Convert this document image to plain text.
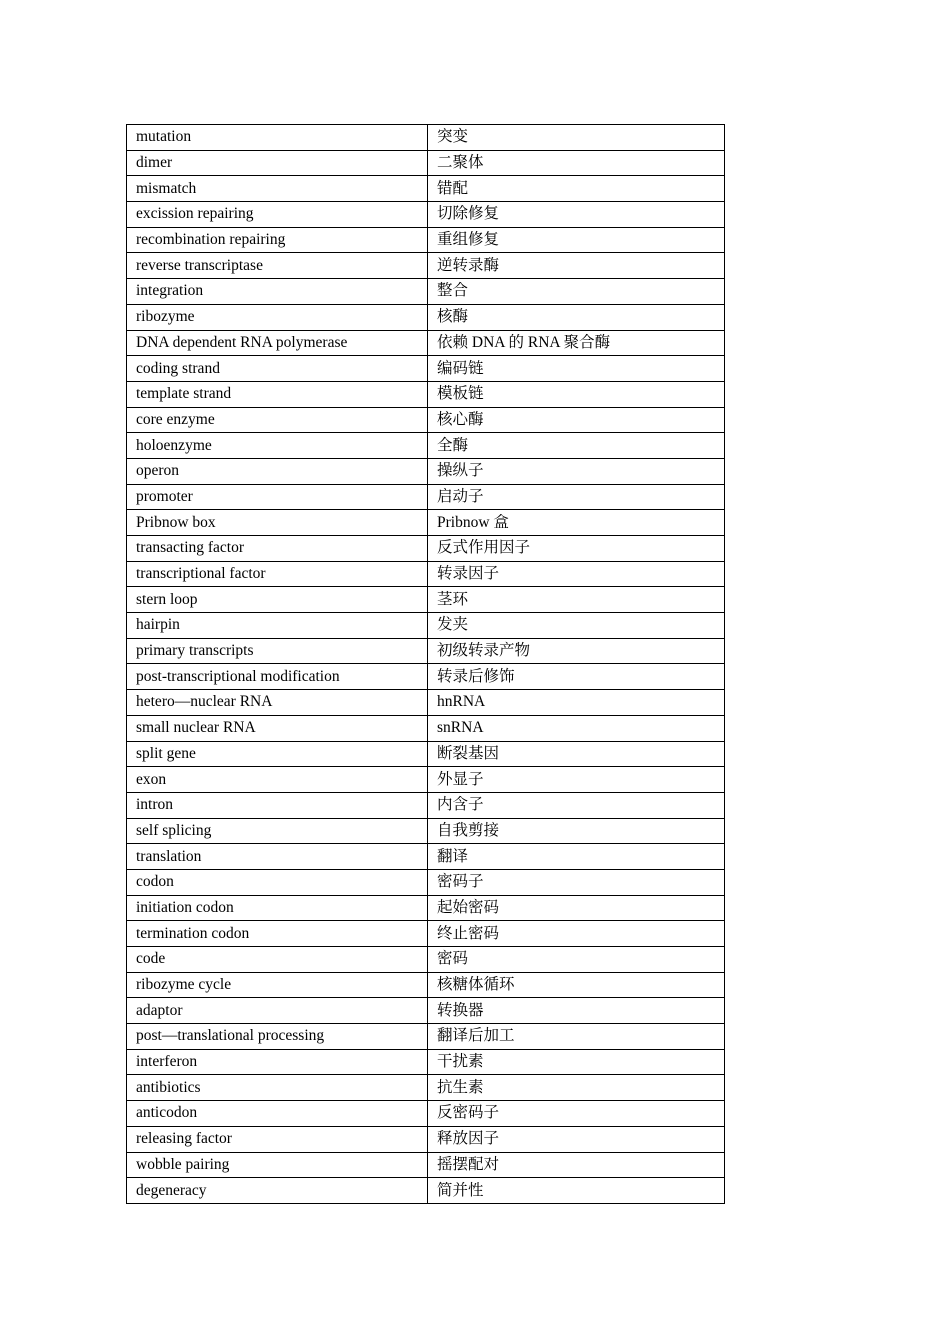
mutation	突变
dimer	二聚体
mismatch	错配
excission repairing	切除修复
recombination repairing	重组修复
reverse transcriptase	逆转录酶
integration	整合
ribozyme	核酶
DNA dependent RNA polymerase	依赖 DNA 的 RNA 聚合酶
coding strand	编码链
template strand	模板链
core enzyme	核心酶
holoenzyme	全酶
operon	操纵子
promoter	启动子
Pribnow box	Pribnow 盒
transacting factor	反式作用因子
transcriptional factor	转录因子
stern loop	茎环
hairpin	发夹
primary transcripts	初级转录产物
post-transcriptional modification	转录后修饰
hetero—nuclear RNA	hnRNA
small nuclear RNA	snRNA
split gene	断裂基因
exon	外显子
intron	内含子
self splicing	自我剪接
translation	翻译
codon	密码子
initiation codon	起始密码
termination codon	终止密码
code	密码
ribozyme cycle	核糖体循环
adaptor	转换器
post—translational processing	翻译后加工
interferon	干扰素
antibiotics	抗生素
anticodon	反密码子
releasing factor	释放因子
wobble pairing	摇摆配对
degeneracy	简并性
